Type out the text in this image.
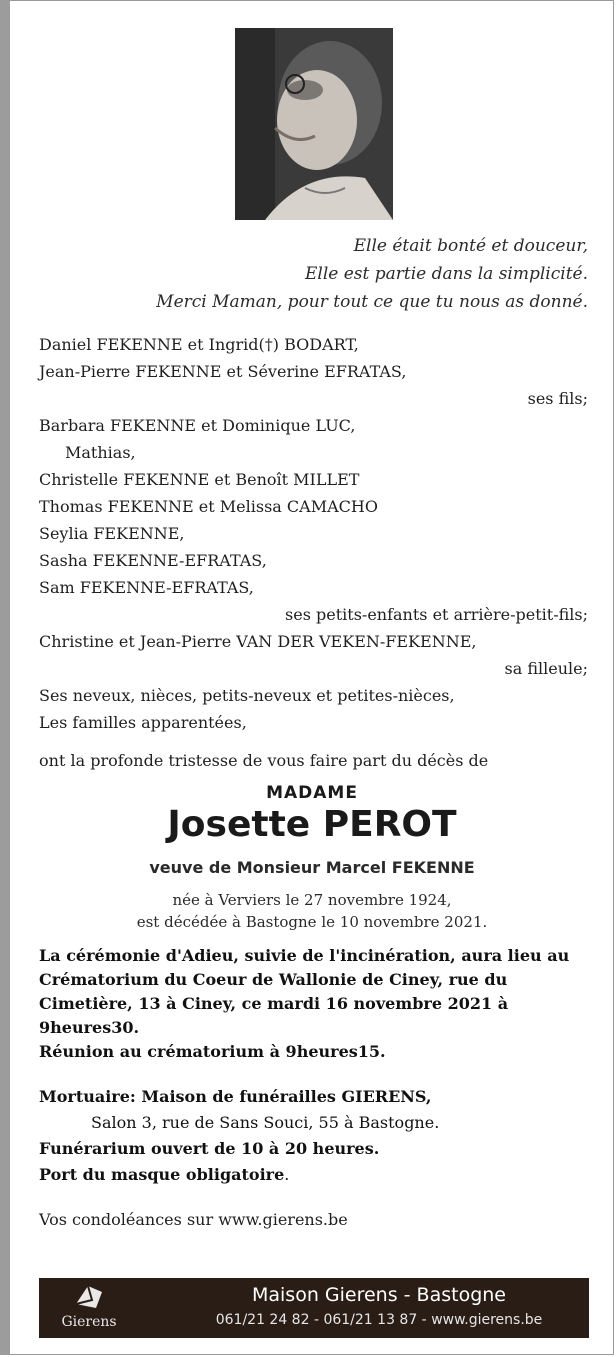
Elle était bonté et douceur,
Elle est partie dans la simplicité.
Merci Maman, pour tout ce que tu nous as donné.
Daniel FEKENNE et Ingrid(†) BODART,
Jean-Pierre FEKENNE et Séverine EFRATAS,
ses fils;
Barbara FEKENNE et Dominique LUC,
Mathias,
Christelle FEKENNE et Benoît MILLET
Thomas FEKENNE et Melissa CAMACHO
Seylia FEKENNE,
Sasha FEKENNE-EFRATAS,
Sam FEKENNE-EFRATAS,
ses petits-enfants et arrière-petit-fils;
Christine et Jean-Pierre VAN DER VEKEN-FEKENNE,
sa filleule;
Ses neveux, nièces, petits-neveux et petites-nièces,
Les familles apparentées,
ont la profonde tristesse de vous faire part du décès de
MADAME
Josette PEROT
veuve de Monsieur Marcel FEKENNE
née à Verviers le 27 novembre 1924,
est décédée à Bastogne le 10 novembre 2021.
La cérémonie d'Adieu, suivie de l'incinération, aura lieu au Crématorium du Coeur de Wallonie de Ciney, rue du Cimetière, 13 à Ciney, ce mardi 16 novembre 2021 à 9heures30.
Réunion au crématorium à 9heures15.
Mortuaire: Maison de funérailles GIERENS,
Salon 3, rue de Sans Souci, 55 à Bastogne.
Funérarium ouvert de 10 à 20 heures.
Port du masque obligatoire.
Vos condoléances sur www.gierens.be
Gierens
Maison Gierens - Bastogne
061/21 24 82 - 061/21 13 87 - www.gierens.be
